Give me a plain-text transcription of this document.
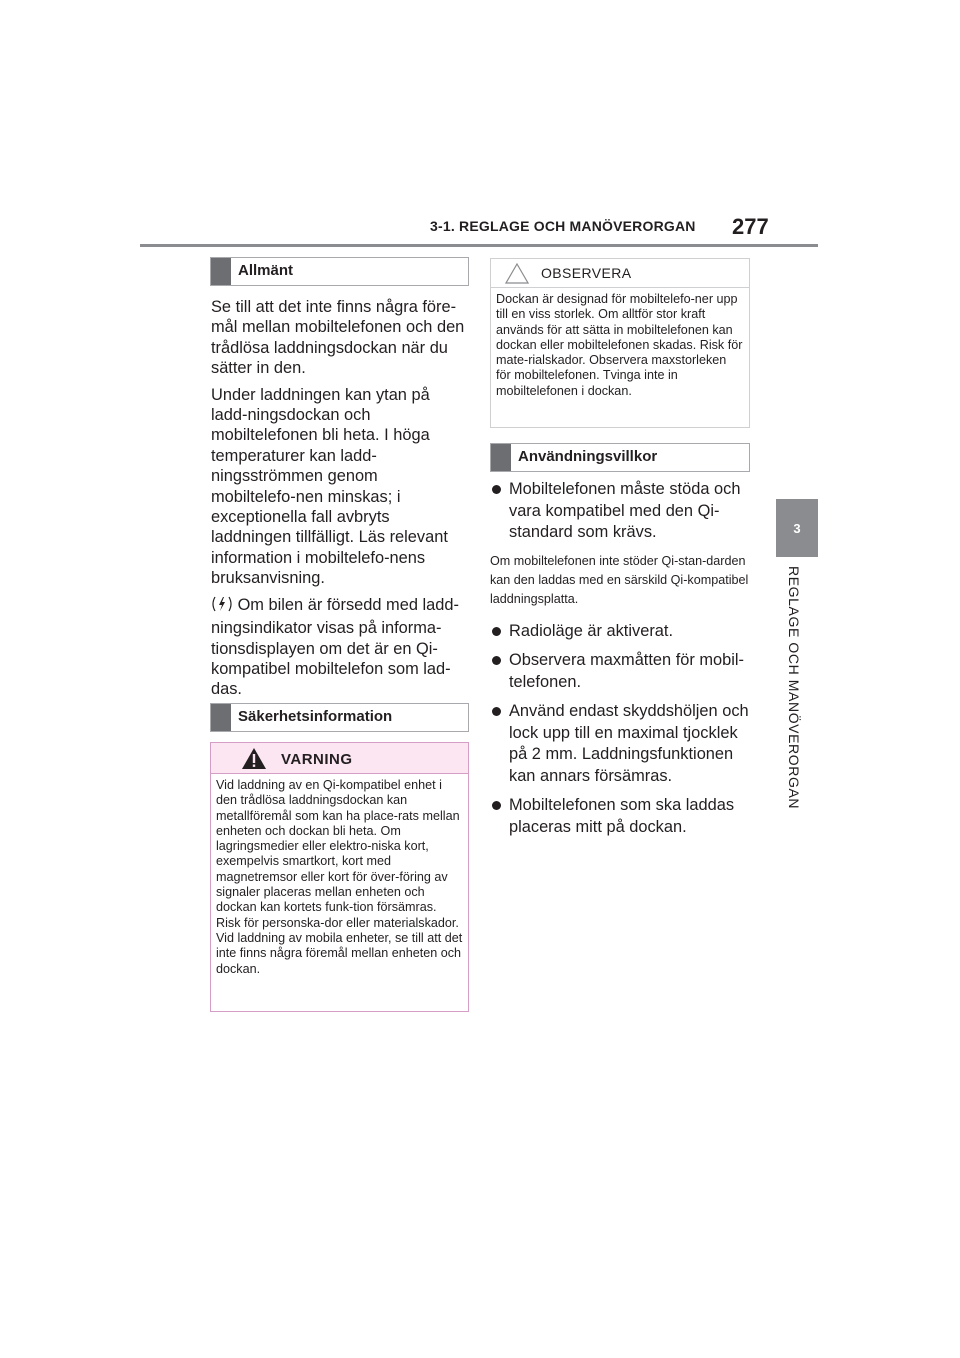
3-1. REGLAGE OCH MANÖVERORGAN 277
3
REGLAGE OCH MANÖVERORGAN
Allmänt

Se till att det inte finns några före-mål mellan mobiltelefonen och den trådlösa laddningsdockan när du sätter in den.

Under laddningen kan ytan på ladd-ningsdockan och mobiltelefonen bli heta. I höga temperaturer kan ladd-ningsströmmen genom mobiltelefo-nen minskas; i exceptionella fall avbryts laddningen tillfälligt. Läs relevant information i mobiltelefo-nens bruksanvisning.

Om bilen är försedd med ladd-ningsindikator visas på informa-tionsdisplayen om det är en Qi-kompatibel mobiltelefon som lad-das.

Säkerhetsinformation
VARNING
Vid laddning av en Qi-kompatibel enhet i den trådlösa laddningsdockan kan metallföremål som kan ha place-rats mellan enheten och dockan bli heta. Om lagringsmedier eller elektro-niska kort, exempelvis smartkort, kort med magnetremsor eller kort för över-föring av signaler placeras mellan enheten och dockan kan kortets funk-tion försämras. Risk för personska-dor eller materialskador. Vid laddning av mobila enheter, se till att det inte finns några föremål mellan enheten och dockan.
OBSERVERA
Dockan är designad för mobiltelefo-ner upp till en viss storlek. Om alltför stor kraft används för att sätta in mobiltelefonen kan dockan eller mobiltelefonen skadas. Risk för mate-rialskador. Observera maxstorleken för mobiltelefonen. Tvinga inte in mobiltelefonen i dockan.
Användningsvillkor
Mobiltelefonen måste stöda och vara kompatibel med den Qi-standard som krävs.

Om mobiltelefonen inte stöder Qi-stan-darden kan den laddas med en särskild Qi-kompatibel laddningsplatta.

Radioläge är aktiverat.
Observera maxmåtten för mobil-telefonen.
Använd endast skyddshöljen och lock upp till en maximal tjocklek på 2 mm. Laddningsfunktionen kan annars försämras.
Mobiltelefonen som ska laddas placeras mitt på dockan.
